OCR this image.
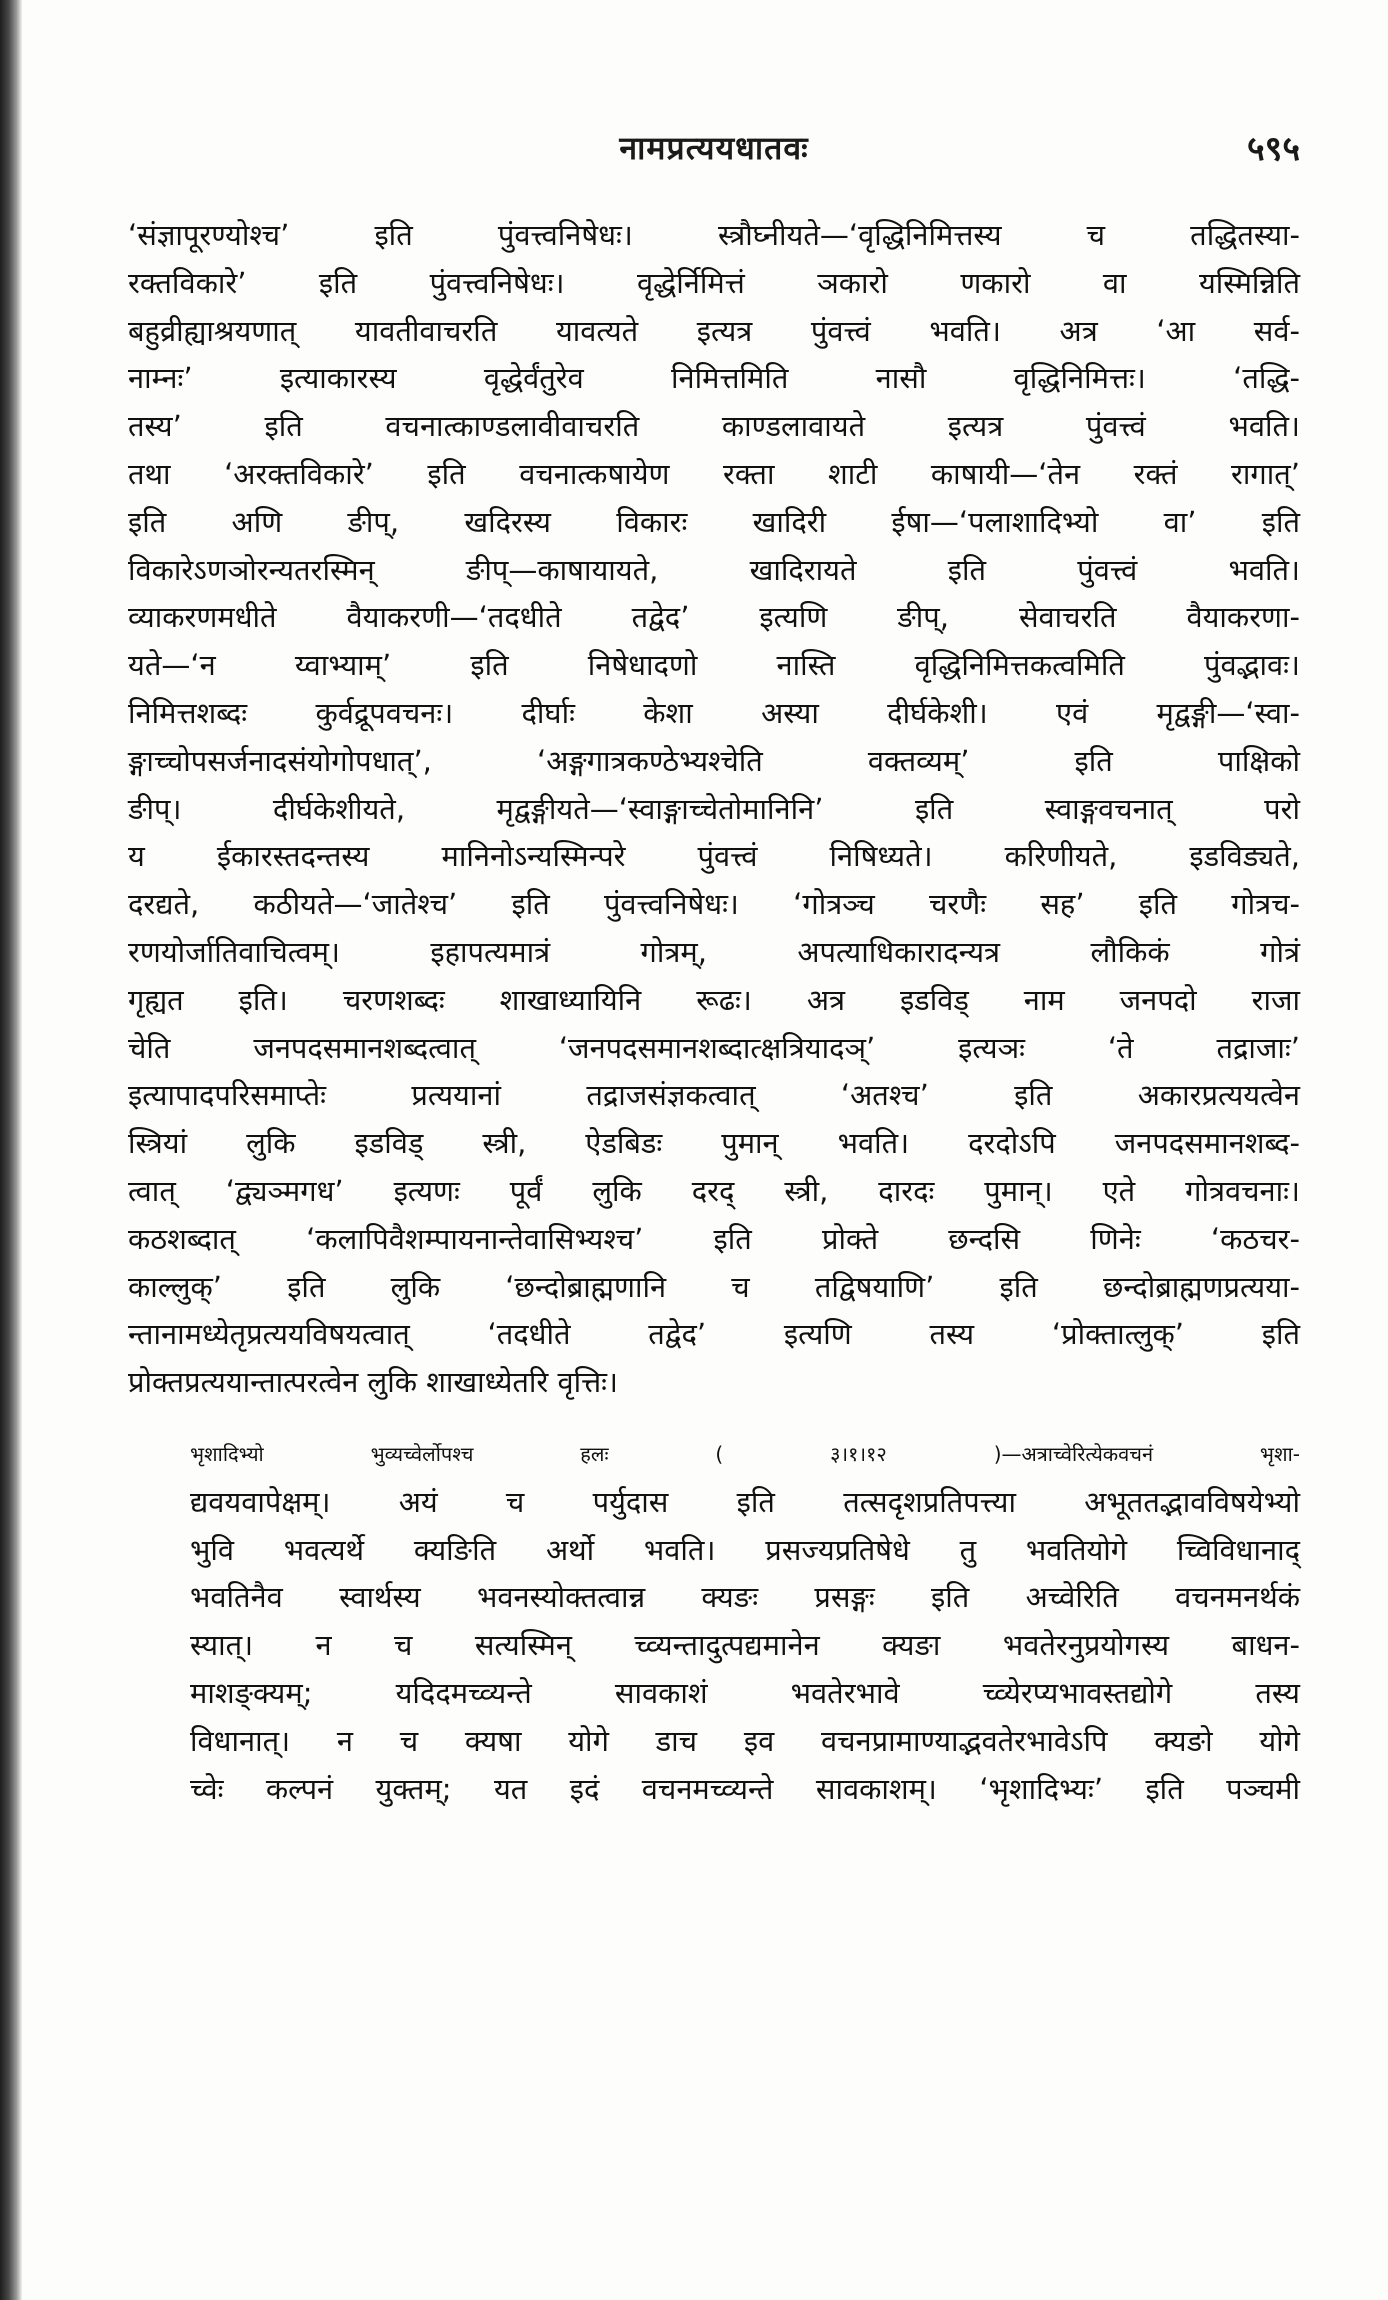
नामप्रत्ययधातवः	५९५

‘संज्ञापूरण्योश्च’ इति पुंवत्त्वनिषेधः। स्त्रौघ्नीयते—‘वृद्धिनिमित्तस्य च तद्धितस्या-
रक्तविकारे’ इति पुंवत्त्वनिषेधः। वृद्धेर्निमित्तं ञकारो णकारो वा यस्मिन्निति
बहुव्रीह्याश्रयणात् यावतीवाचरति यावत्यते इत्यत्र पुंवत्त्वं भवति। अत्र ‘आ सर्व-
नाम्नः’ इत्याकारस्य वृद्धेर्वंतुरेव निमित्तमिति नासौ वृद्धिनिमित्तः। ‘तद्धि-
तस्य’ इति वचनात्काण्डलावीवाचरति काण्डलावायते इत्यत्र पुंवत्त्वं भवति।
तथा ‘अरक्तविकारे’ इति वचनात्कषायेण रक्ता शाटी काषायी—‘तेन रक्तं रागात्’
इति अणि ङीप्, खदिरस्य विकारः खादिरी ईषा—‘पलाशादिभ्यो वा’ इति
विकारेऽणञोरन्यतरस्मिन् ङीप्—काषायायते, खादिरायते इति पुंवत्त्वं भवति।
व्याकरणमधीते वैयाकरणी—‘तदधीते तद्वेद’ इत्यणि ङीप्, सेवाचरति वैयाकरणा-
यते—‘न य्वाभ्याम्’ इति निषेधादणो नास्ति वृद्धिनिमित्तकत्वमिति पुंवद्भावः।
निमित्तशब्दः कुर्वद्रूपवचनः। दीर्घाः केशा अस्या दीर्घकेशी। एवं मृद्वङ्गी—‘स्वा-
ङ्गाच्चोपसर्जनादसंयोगोपधात्’, ‘अङ्गगात्रकण्ठेभ्यश्चेति वक्तव्यम्’ इति पाक्षिको
ङीप्। दीर्घकेशीयते, मृद्वङ्गीयते—‘स्वाङ्गाच्चेतोमानिनि’ इति स्वाङ्गवचनात् परो
य ईकारस्तदन्तस्य मानिनोऽन्यस्मिन्परे पुंवत्त्वं निषिध्यते। करिणीयते, इडविड्यते,
दरद्यते, कठीयते—‘जातेश्च’ इति पुंवत्त्वनिषेधः। ‘गोत्रञ्च चरणैः सह’ इति गोत्रच-
रणयोर्जातिवाचित्वम्। इहापत्यमात्रं गोत्रम्, अपत्याधिकारादन्यत्र लौकिकं गोत्रं
गृह्यत इति। चरणशब्दः शाखाध्यायिनि रूढः। अत्र इडविड् नाम जनपदो राजा
चेति जनपदसमानशब्दत्वात् ‘जनपदसमानशब्दात्क्षत्रियादञ्’ इत्यञः ‘ते तद्राजाः’
इत्यापादपरिसमाप्तेः प्रत्ययानां तद्राजसंज्ञकत्वात् ‘अतश्च’ इति अकारप्रत्ययत्वेन
स्त्रियां लुकि इडविड् स्त्री, ऐडबिडः पुमान् भवति। दरदोऽपि जनपदसमानशब्द-
त्वात् ‘द्व्यञ्मगध’ इत्यणः पूर्वं लुकि दरद् स्त्री, दारदः पुमान्। एते गोत्रवचनाः।
कठशब्दात् ‘कलापिवैशम्पायनान्तेवासिभ्यश्च’ इति प्रोक्ते छन्दसि णिनेः ‘कठचर-
काल्लुक्’ इति लुकि ‘छन्दोब्राह्मणानि च तद्विषयाणि’ इति छन्दोब्राह्मणप्रत्यया-
न्तानामध्येतृप्रत्ययविषयत्वात् ‘तदधीते तद्वेद’ इत्यणि तस्य ‘प्रोक्तात्लुक्’ इति
प्रोक्तप्रत्ययान्तात्परत्वेन लुकि शाखाध्येतरि वृत्तिः।

भृशादिभ्यो भुव्यच्वेर्लोपश्च हलः ( ३।१।१२ )—अत्राच्वेरित्येकवचनं भृशा-
द्यवयवापेक्षम्। अयं च पर्युदास इति तत्सदृशप्रतिपत्त्या अभूततद्भावविषयेभ्यो
भुवि भवत्यर्थे क्यङिति अर्थो भवति। प्रसज्यप्रतिषेधे तु भवतियोगे च्विविधानाद्
भवतिनैव स्वार्थस्य भवनस्योक्तत्वान्न क्यङः प्रसङ्गः इति अच्वेरिति वचनमनर्थकं
स्यात्। न च सत्यस्मिन् च्व्यन्तादुत्पद्यमानेन क्यङा भवतेरनुप्रयोगस्य बाधन-
माशङ्क्यम्; यदिदमच्व्यन्ते सावकाशं भवतेरभावे च्व्येरप्यभावस्तद्योगे तस्य
विधानात्। न च क्यषा योगे डाच इव वचनप्रामाण्याद्भवतेरभावेऽपि क्यङो योगे
च्वेः कल्पनं युक्तम्; यत इदं वचनमच्व्यन्ते सावकाशम्। ‘भृशादिभ्यः’ इति पञ्चमी
